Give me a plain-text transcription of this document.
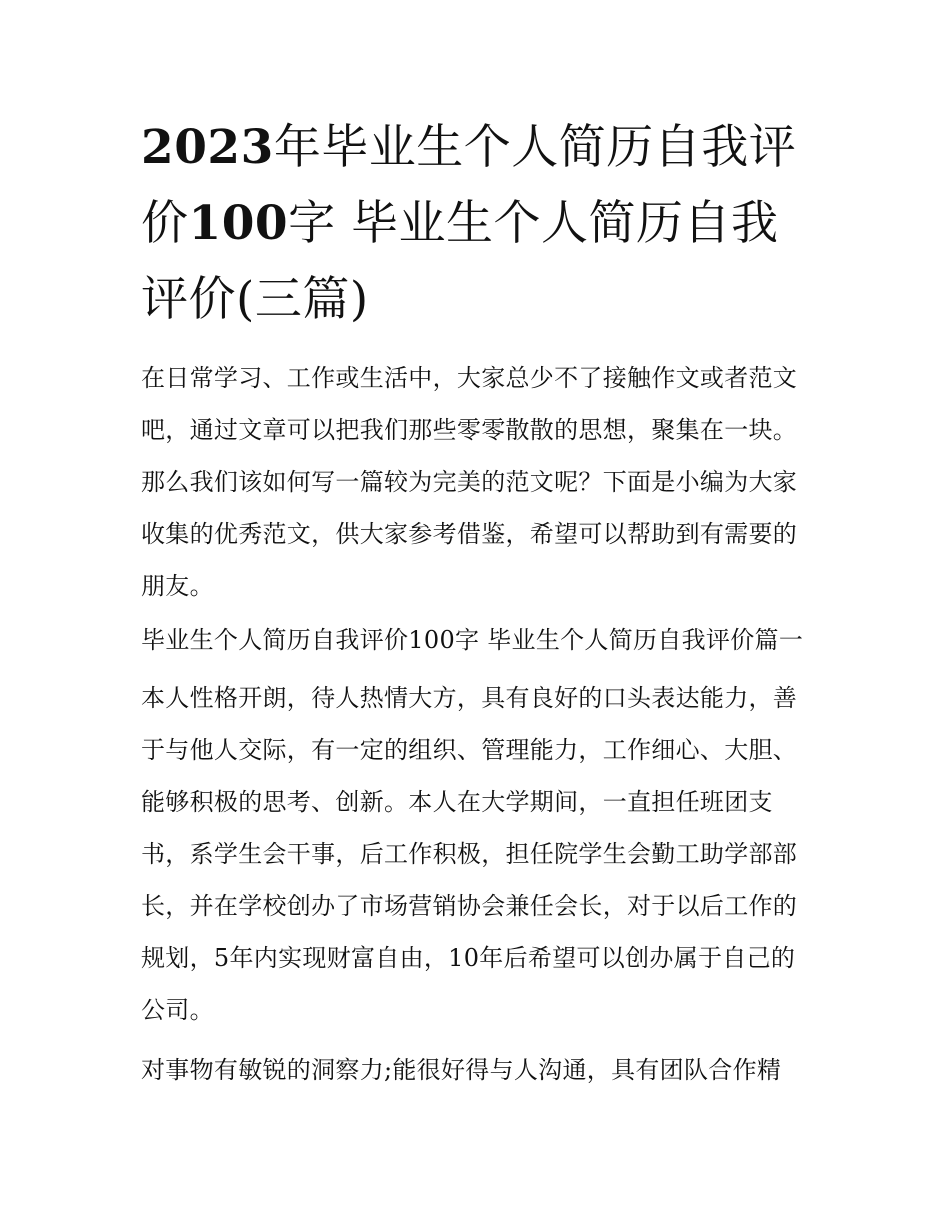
2023年毕业生个人简历自我评价100字 毕业生个人简历自我评价(三篇)

在日常学习、工作或生活中，大家总少不了接触作文或者范文吧，通过文章可以把我们那些零零散散的思想，聚集在一块。那么我们该如何写一篇较为完美的范文呢？下面是小编为大家收集的优秀范文，供大家参考借鉴，希望可以帮助到有需要的朋友。

毕业生个人简历自我评价100字 毕业生个人简历自我评价篇一

本人性格开朗，待人热情大方，具有良好的口头表达能力，善于与他人交际，有一定的组织、管理能力，工作细心、大胆、能够积极的思考、创新。本人在大学期间，一直担任班团支书，系学生会干事，后工作积极，担任院学生会勤工助学部部长，并在学校创办了市场营销协会兼任会长，对于以后工作的规划，5年内实现财富自由，10年后希望可以创办属于自己的公司。

对事物有敏锐的洞察力;能很好得与人沟通，具有团队合作精
